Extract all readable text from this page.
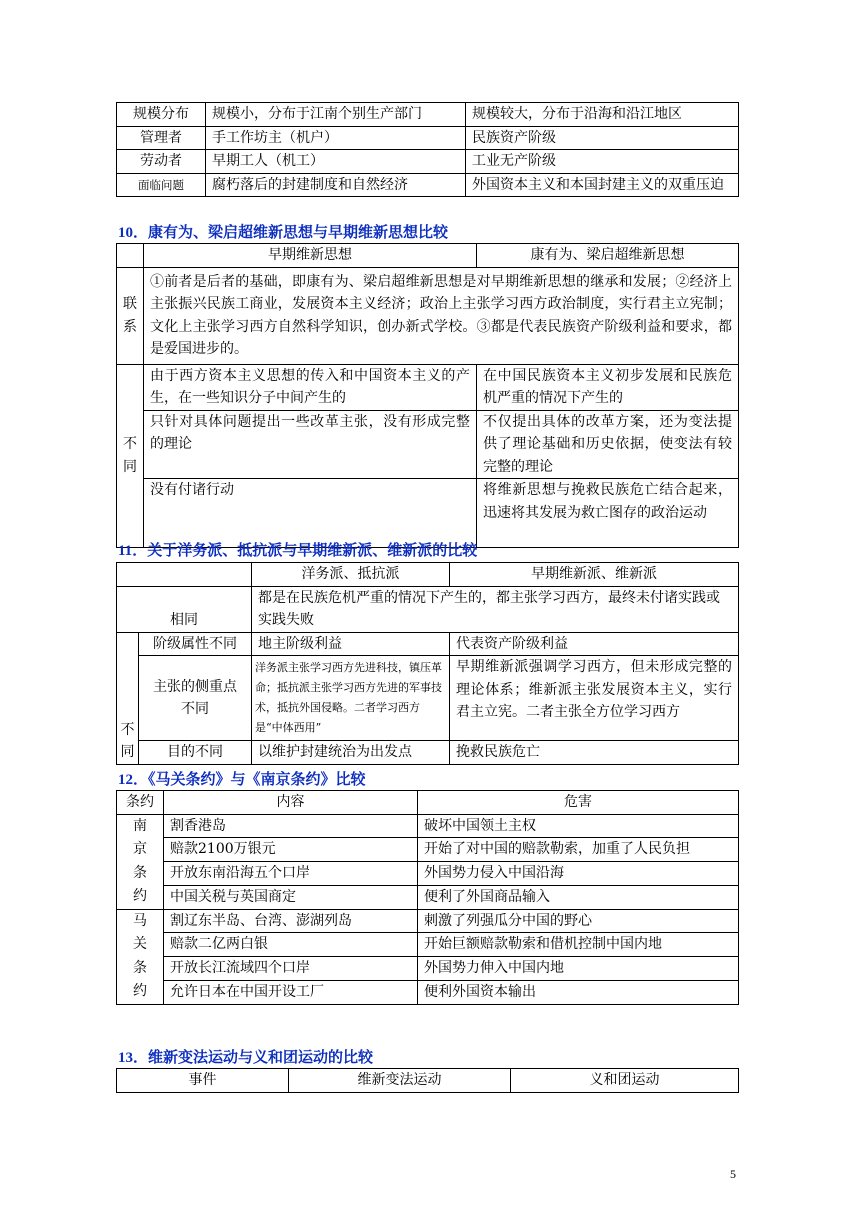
规模分布	规模小，分布于江南个别生产部门	规模较大，分布于沿海和沿江地区
管理者	手工作坊主（机户）	民族资产阶级
劳动者	早期工人（机工）	工业无产阶级
面临问题	腐朽落后的封建制度和自然经济	外国资本主义和本国封建主义的双重压迫

10．康有为、梁启超维新思想与早期维新思想比较

	早期维新思想	康有为、梁启超维新思想
联系	①前者是后者的基础，即康有为、梁启超维新思想是对早期维新思想的继承和发展；②经济上主张振兴民族工商业，发展资本主义经济；政治上主张学习西方政治制度，实行君主立宪制；文化上主张学习西方自然科学知识，创办新式学校。③都是代表民族资产阶级利益和要求，都是爱国进步的。	
不同	由于西方资本主义思想的传入和中国资本主义的产生，在一些知识分子中间产生的	在中国民族资本主义初步发展和民族危机严重的情况下产生的
	只针对具体问题提出一些改革主张，没有形成完整的理论	不仅提出具体的改革方案，还为变法提供了理论基础和历史依据，使变法有较完整的理论
	没有付诸行动	将维新思想与挽救民族危亡结合起来，迅速将其发展为救亡图存的政治运动

11．关于洋务派、抵抗派与早期维新派、维新派的比较

		洋务派、抵抗派	早期维新派、维新派
相同		都是在民族危机严重的情况下产生的，都主张学习西方，最终未付诸实践或实践失败	
不同	阶级属性不同	地主阶级利益	代表资产阶级利益
	主张的侧重点不同	洋务派主张学习西方先进科技，镇压革命；抵抗派主张学习西方先进的军事技术，抵抗外国侵略。二者学习西方是“中体西用”	早期维新派强调学习西方，但未形成完整的理论体系；维新派主张发展资本主义，实行君主立宪。二者主张全方位学习西方
	目的不同	以维护封建统治为出发点	挽救民族危亡

12．《马关条约》与《南京条约》比较

条约	内容	危害
南京条约	割香港岛	破坏中国领土主权
	赔款2100万银元	开始了对中国的赔款勒索，加重了人民负担
	开放东南沿海五个口岸	外国势力侵入中国沿海
	中国关税与英国商定	便利了外国商品输入
马关条约	割辽东半岛、台湾、澎湖列岛	刺激了列强瓜分中国的野心
	赔款二亿两白银	开始巨额赔款勒索和借机控制中国内地
	开放长江流域四个口岸	外国势力伸入中国内地
	允许日本在中国开设工厂	便利外国资本输出

13．维新变法运动与义和团运动的比较

事件	维新变法运动	义和团运动
5
